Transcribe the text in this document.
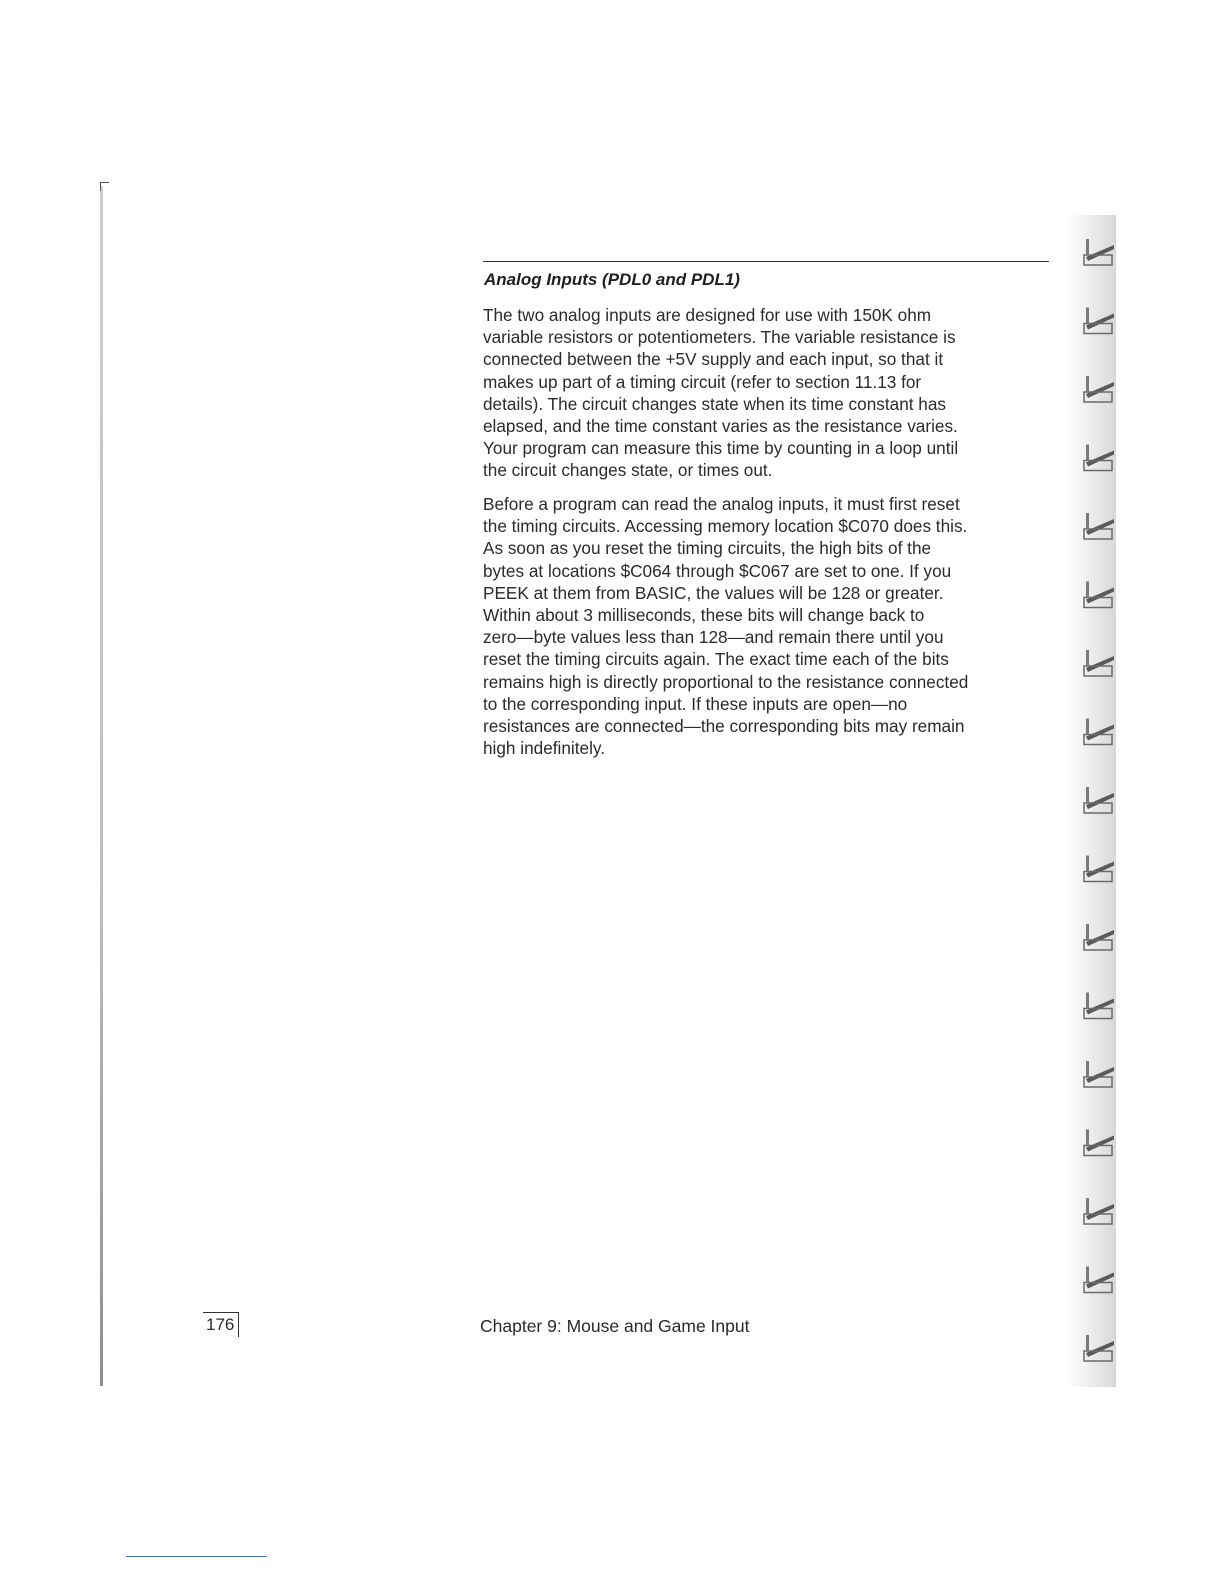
Analog Inputs (PDL0 and PDL1)
The two analog inputs are designed for use with 150K ohm
variable resistors or potentiometers. The variable resistance is
connected between the +5V supply and each input, so that it
makes up part of a timing circuit (refer to section 11.13 for
details). The circuit changes state when its time constant has
elapsed, and the time constant varies as the resistance varies.
Your program can measure this time by counting in a loop until
the circuit changes state, or times out.
Before a program can read the analog inputs, it must first reset
the timing circuits. Accessing memory location $C070 does this.
As soon as you reset the timing circuits, the high bits of the
bytes at locations $C064 through $C067 are set to one. If you
PEEK at them from BASIC, the values will be 128 or greater.
Within about 3 milliseconds, these bits will change back to
zero—byte values less than 128—and remain there until you
reset the timing circuits again. The exact time each of the bits
remains high is directly proportional to the resistance connected
to the corresponding input. If these inputs are open—no
resistances are connected—the corresponding bits may remain
high indefinitely.
176	Chapter 9: Mouse and Game Input
